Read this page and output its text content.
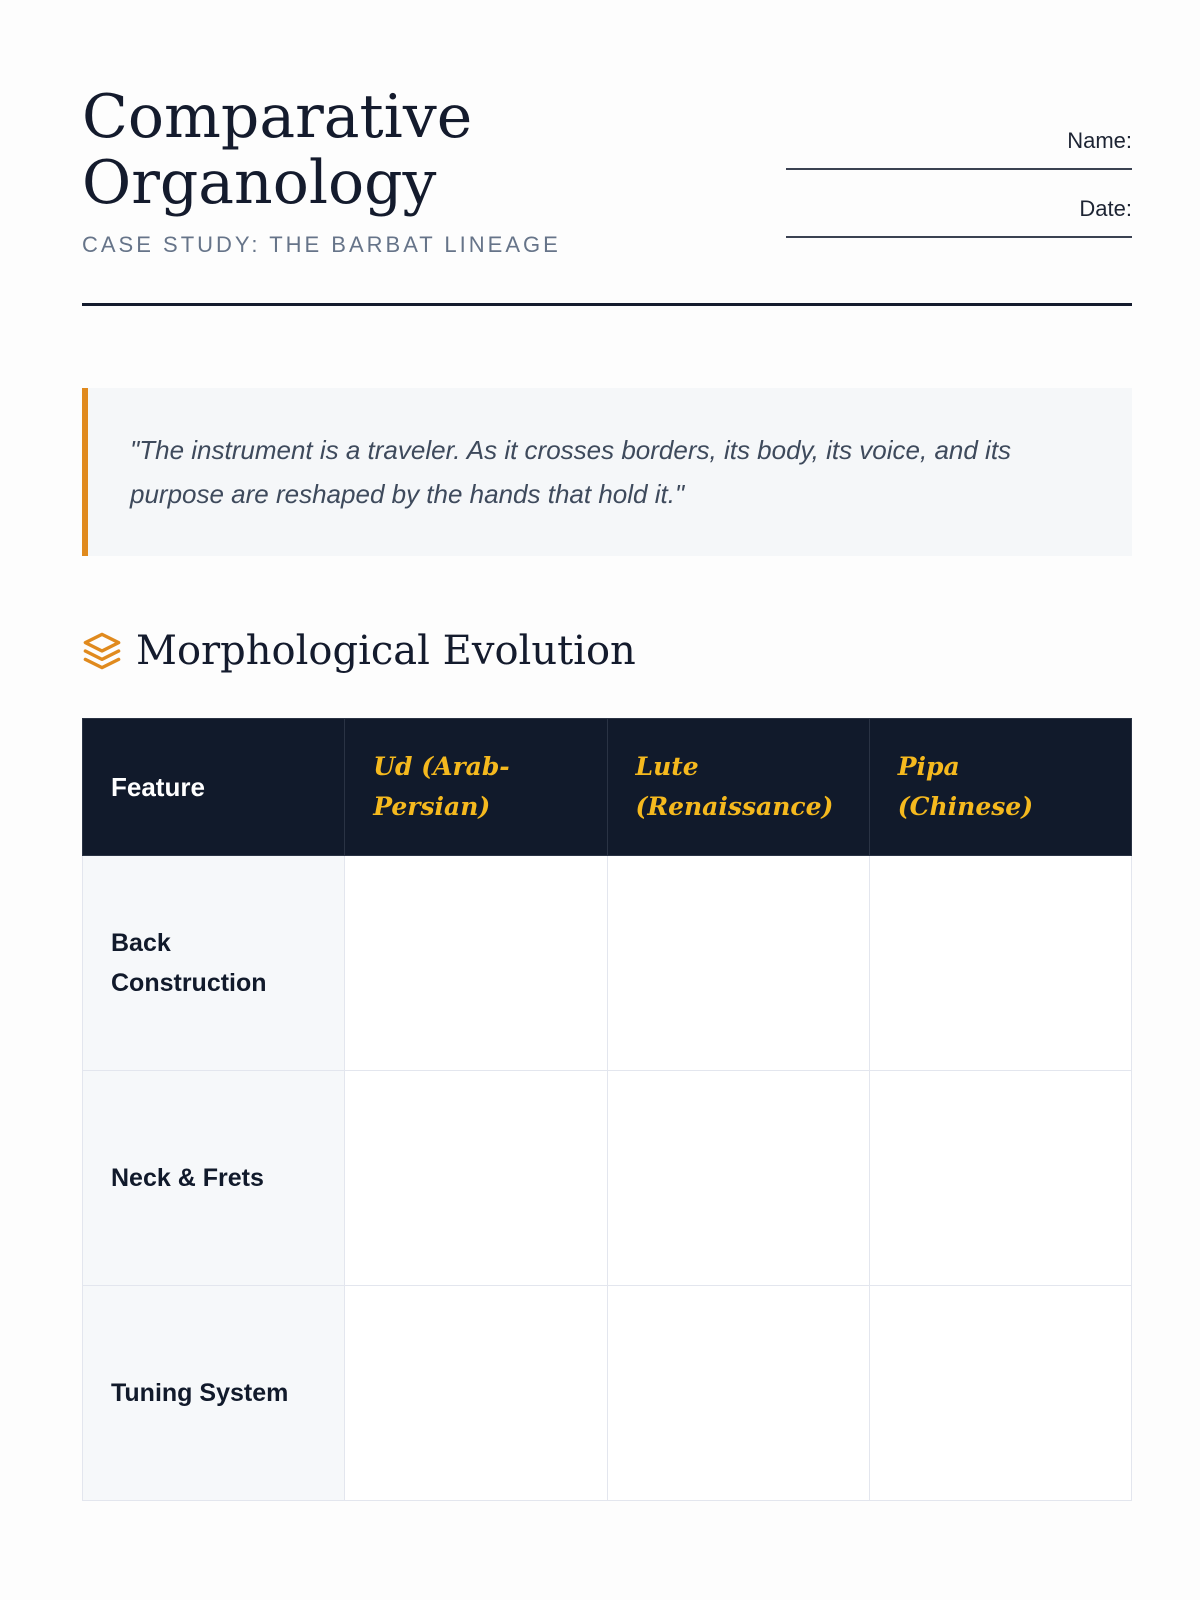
Comparative Organology
CASE STUDY: THE BARBAT LINEAGE
Name:
Date:

"The instrument is a traveler. As it crosses borders, its body, its voice, and its purpose are reshaped by the hands that hold it."

Morphological Evolution
Feature	Ud (Arab-Persian)	Lute (Renaissance)	Pipa (Chinese)
Back Construction			
Neck & Frets			
Tuning System			
